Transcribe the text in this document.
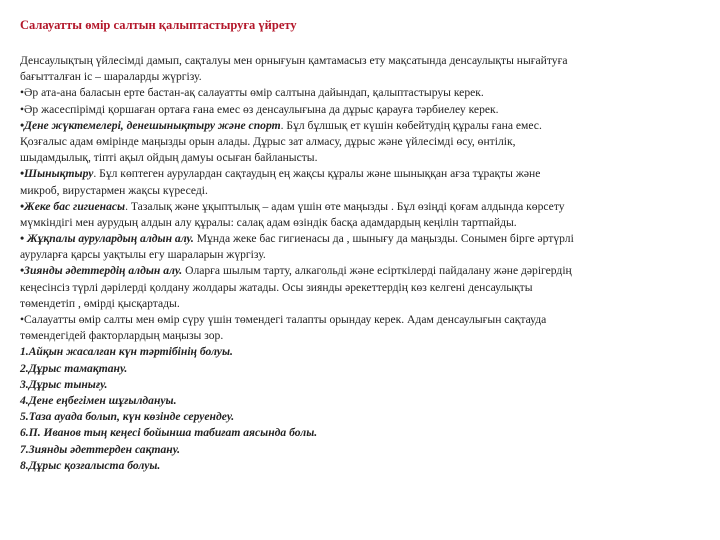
Салауатты өмір салтын қалыптастыруға үйрету
Денсаулықтың үйлесімді дамып, сақталуы мен орнығуын қамтамасыз ету мақсатында денсаулықты нығайтуға
бағытталған іс – шараларды жүргізу.
•Әр ата-ана баласын ерте бастан-ақ салауатты өмір салтына дайындап, қалыптастыруы керек.
•Әр жасеспірімді қоршаған ортаға ғана емес өз денсаулығына да дұрыс қарауға тәрбиелеу керек.
•Дене жүктемелері, денешынықтыру және спорт. Бұл бұлшық ет күшін көбейтудің құралы ғана емес.
Қозғалыс адам өмірінде маңызды орын алады. Дұрыс зат алмасу, дұрыс және үйлесімді өсу, өнтілік,
шыдамдылық, тіпті ақыл ойдың дамуы осыған байланысты.
•Шынықтыру. Бұл көптеген аурулардан сақтаудың ең жақсы құралы және шыныққан ағза тұрақты және
микроб, вирустармен жақсы күреседі.
•Жеке бас гигиенасы. Тазалық және ұқыптылық – адам үшін өте маңызды . Бұл өзіңді қоғам алдында көрсету
мүмкіндігі мен аурудың алдын алу құралы: салақ адам өзіндік басқа адамдардың кеңілін тартпайды.
• Жұқпалы аурулардың алдын алу. Мұнда жеке бас гигиенасы да , шынығу да маңызды. Сонымен бірге әртүрлі
ауруларға қарсы уақтылы егу шараларын жүргізу.
•Зиянды әдеттердің алдын алу. Оларға шылым тарту, алкагольді және есірткілерді пайдалану және дәрігердің
кеңесінсіз түрлі дәрілерді қолдану жолдары жатады. Осы зиянды әрекеттердің көз келгені денсаулықты
төмендетіп , өмірді қысқартады.
•Салауатты өмір салты мен өмір сүру үшін төмендегі талапты орындау керек. Адам денсаулығын сақтауда
төмендегідей факторлардың маңызы зор.
1.Айқын жасалған күн тәртібінің болуы.
2.Дұрыс тамақтану.
3.Дұрыс тынығу.
4.Дене еңбегімен шұғылдануы.
5.Таза ауада болып, күн көзінде серуендеу.
6.П. Иванов тың кеңесі бойынша табиғат аясында болы.
7.Зиянды әдеттерден сақтану.
8.Дұрыс қозғалыста болуы.
